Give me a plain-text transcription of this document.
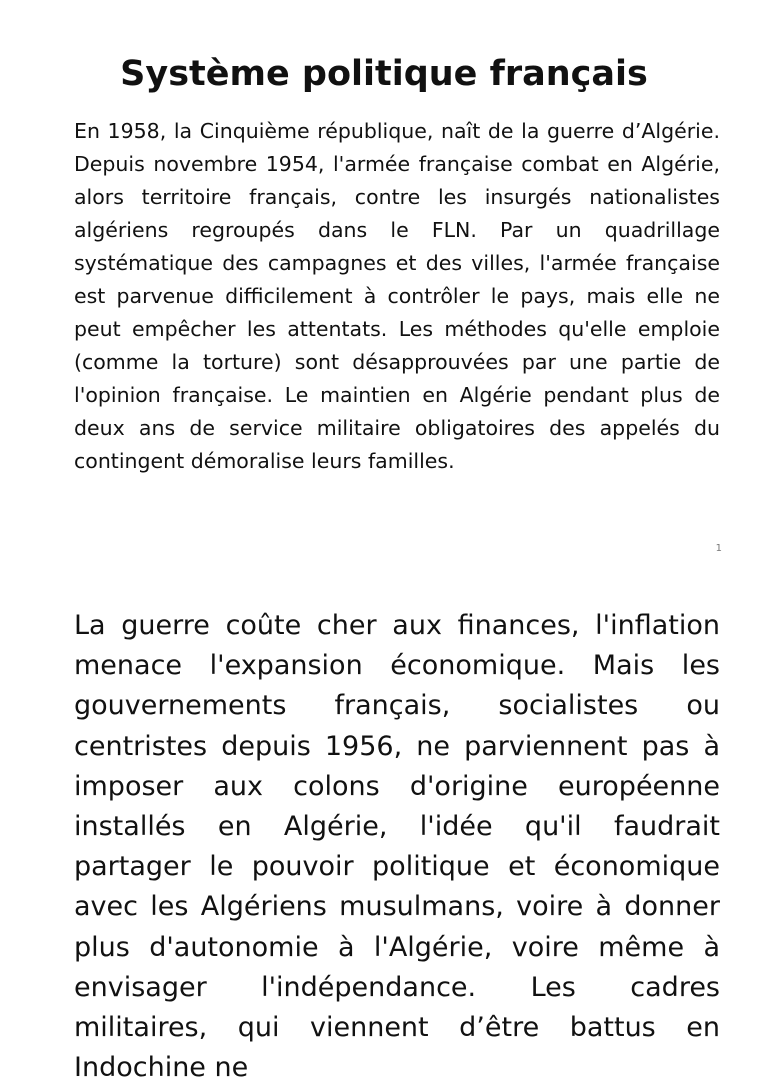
Système politique français

En 1958, la Cinquième république, naît de la guerre d’Algérie. Depuis novembre 1954, l'armée française combat en Algérie, alors territoire français, contre les insurgés nationalistes algériens regroupés dans le FLN. Par un quadrillage systématique des campagnes et des villes, l'armée française est parvenue difficilement à contrôler le pays, mais elle ne peut empêcher les attentats. Les méthodes qu'elle emploie (comme la torture) sont désapprouvées par une partie de l'opinion française. Le maintien en Algérie pendant plus de deux ans de service militaire obligatoires des appelés du contingent démoralise leurs familles.

1

La guerre coûte cher aux finances, l'inflation menace l'expansion économique. Mais les gouvernements français, socialistes ou centristes depuis 1956, ne parviennent pas à imposer aux colons d'origine européenne installés en Algérie, l'idée qu'il faudrait partager le pouvoir politique et économique avec les Algériens musulmans, voire à donner plus d'autonomie à l'Algérie, voire même à envisager l'indépendance. Les cadres militaires, qui viennent d’être battus en Indochine ne
